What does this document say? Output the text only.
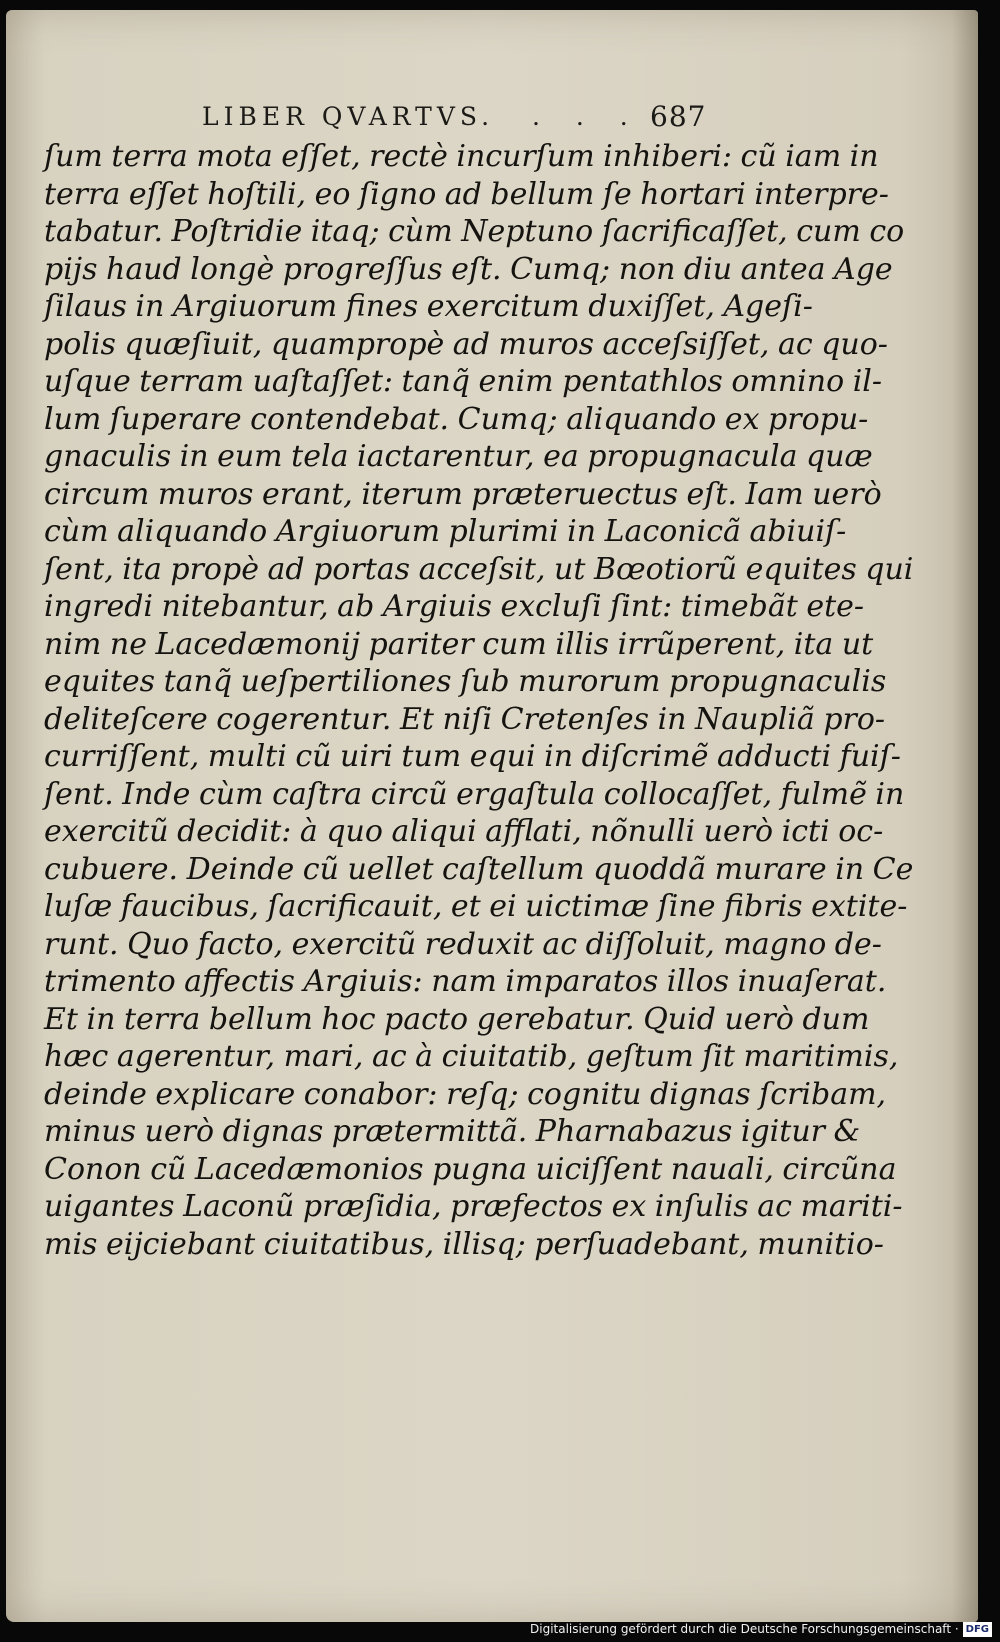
LIBER QVARTVS. . . . 687
ſum terra mota eſſet, rectè incurſum inhiberi: cũ iam in
terra eſſet hoſtili, eo ſigno ad bellum ſe hortari interpre-
tabatur. Poſtridie itaq; cùm Neptuno ſacrificaſſet, cum co
pijs haud longè progreſſus eſt. Cumq; non diu antea Age
ſilaus in Argiuorum fines exercitum duxiſſet, Ageſi-
polis quæſiuit, quampropè ad muros acceſsiſſet, ac quo-
uſque terram uaſtaſſet: tanq̃ enim pentathlos omnino il-
lum ſuperare contendebat. Cumq; aliquando ex propu-
gnaculis in eum tela iactarentur, ea propugnacula quæ
circum muros erant, iterum præteruectus eſt. Iam uerò
cùm aliquando Argiuorum plurimi in Laconicã abiuiſ-
ſent, ita propè ad portas acceſsit, ut Bœotiorũ equites qui
ingredi nitebantur, ab Argiuis excluſi ſint: timebãt ete-
nim ne Lacedæmonij pariter cum illis irrũperent, ita ut
equites tanq̃ ueſpertiliones ſub murorum propugnaculis
deliteſcere cogerentur. Et niſi Cretenſes in Naupliã pro-
curriſſent, multi cũ uiri tum equi in diſcrimẽ adducti fuiſ-
ſent. Inde cùm caſtra circũ ergaſtula collocaſſet, fulmẽ in
exercitũ decidit: à quo aliqui afflati, nõnulli uerò icti oc-
cubuere. Deinde cũ uellet caſtellum quoddã murare in Ce
luſæ faucibus, ſacrificauit, et ei uictimæ ſine fibris extite-
runt. Quo facto, exercitũ reduxit ac diſſoluit, magno de-
trimento affectis Argiuis: nam imparatos illos inuaſerat.
Et in terra bellum hoc pacto gerebatur. Quid uerò dum
hæc agerentur, mari, ac à ciuitatib, geſtum ſit maritimis,
deinde explicare conabor: reſq; cognitu dignas ſcribam,
minus uerò dignas prætermittã. Pharnabazus igitur &
Conon cũ Lacedæmonios pugna uiciſſent nauali, circũna
uigantes Laconũ præſidia, præfectos ex inſulis ac mariti-
mis eijciebant ciuitatibus, illisq; perſuadebant, munitio-
Digitalisierung gefördert durch die Deutsche Forschungsgemeinschaft · DFG
